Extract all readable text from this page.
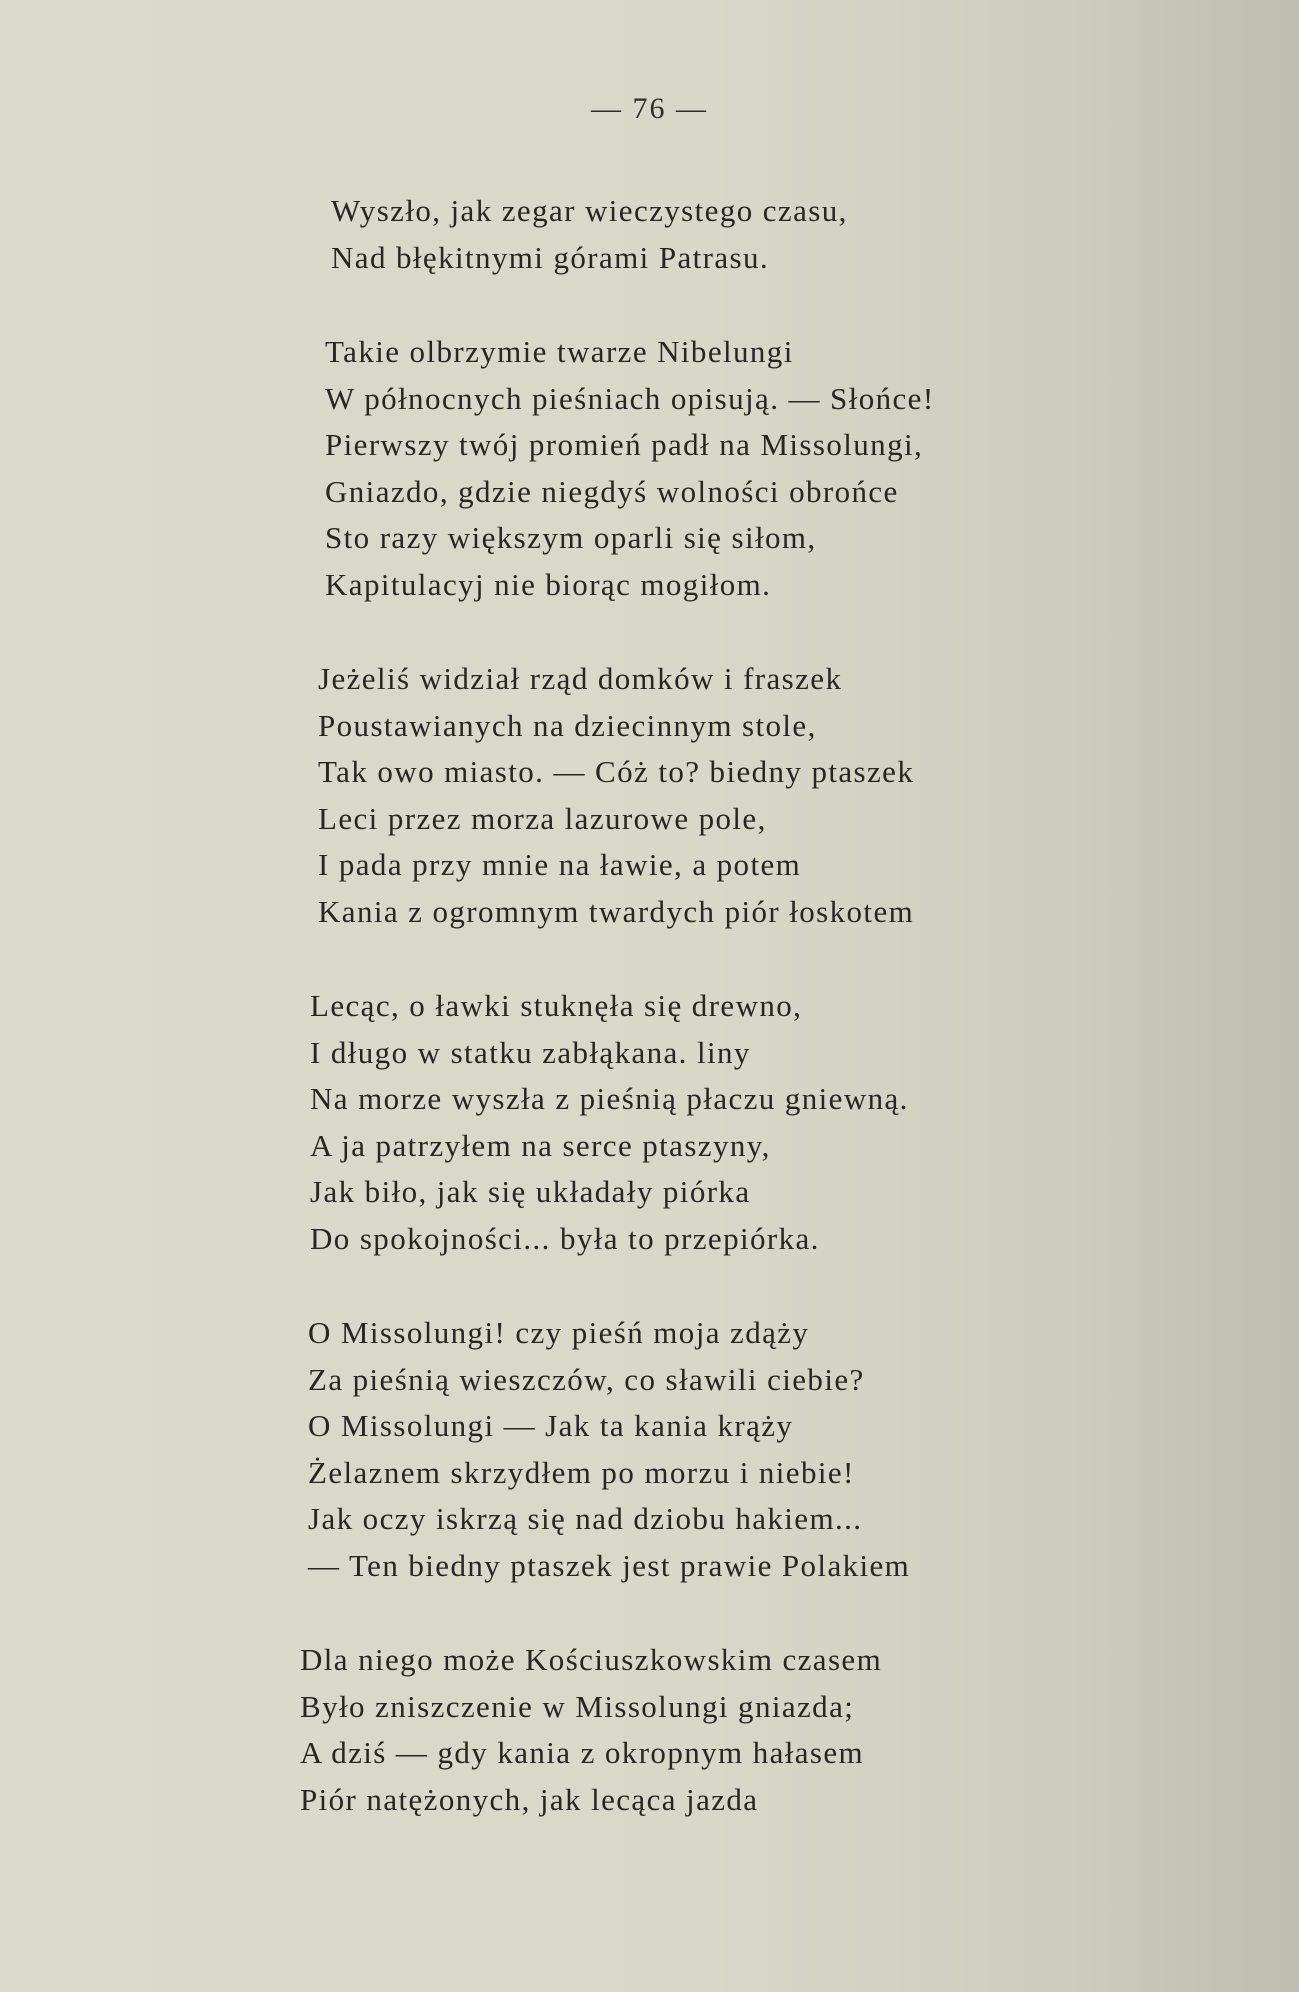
— 76 —
Wyszło, jak zegar wieczystego czasu,
Nad błękitnymi górami Patrasu.
Takie olbrzymie twarze Nibelungi
W północnych pieśniach opisują. — Słońce!
Pierwszy twój promień padł na Missolungi,
Gniazdo, gdzie niegdyś wolności obrońce
Sto razy większym oparli się siłom,
Kapitulacyj nie biorąc mogiłom.
Jeżeliś widział rząd domków i fraszek
Poustawianych na dziecinnym stole,
Tak owo miasto. — Cóż to? biedny ptaszek
Leci przez morza lazurowe pole,
I pada przy mnie na ławie, a potem
Kania z ogromnym twardych piór łoskotem
Lecąc, o ławki stuknęła się drewno,
I długo w statku zabłąkana. liny
Na morze wyszła z pieśnią płaczu gniewną.
A ja patrzyłem na serce ptaszyny,
Jak biło, jak się układały piórka
Do spokojności... była to przepiórka.
O Missolungi! czy pieśń moja zdąży
Za pieśnią wieszczów, co sławili ciebie?
O Missolungi — Jak ta kania krąży
Żelaznem skrzydłem po morzu i niebie!
Jak oczy iskrzą się nad dziobu hakiem...
— Ten biedny ptaszek jest prawie Polakiem
Dla niego może Kościuszkowskim czasem
Było zniszczenie w Missolungi gniazda;
A dziś — gdy kania z okropnym hałasem
Piór natężonych, jak lecąca jazda
